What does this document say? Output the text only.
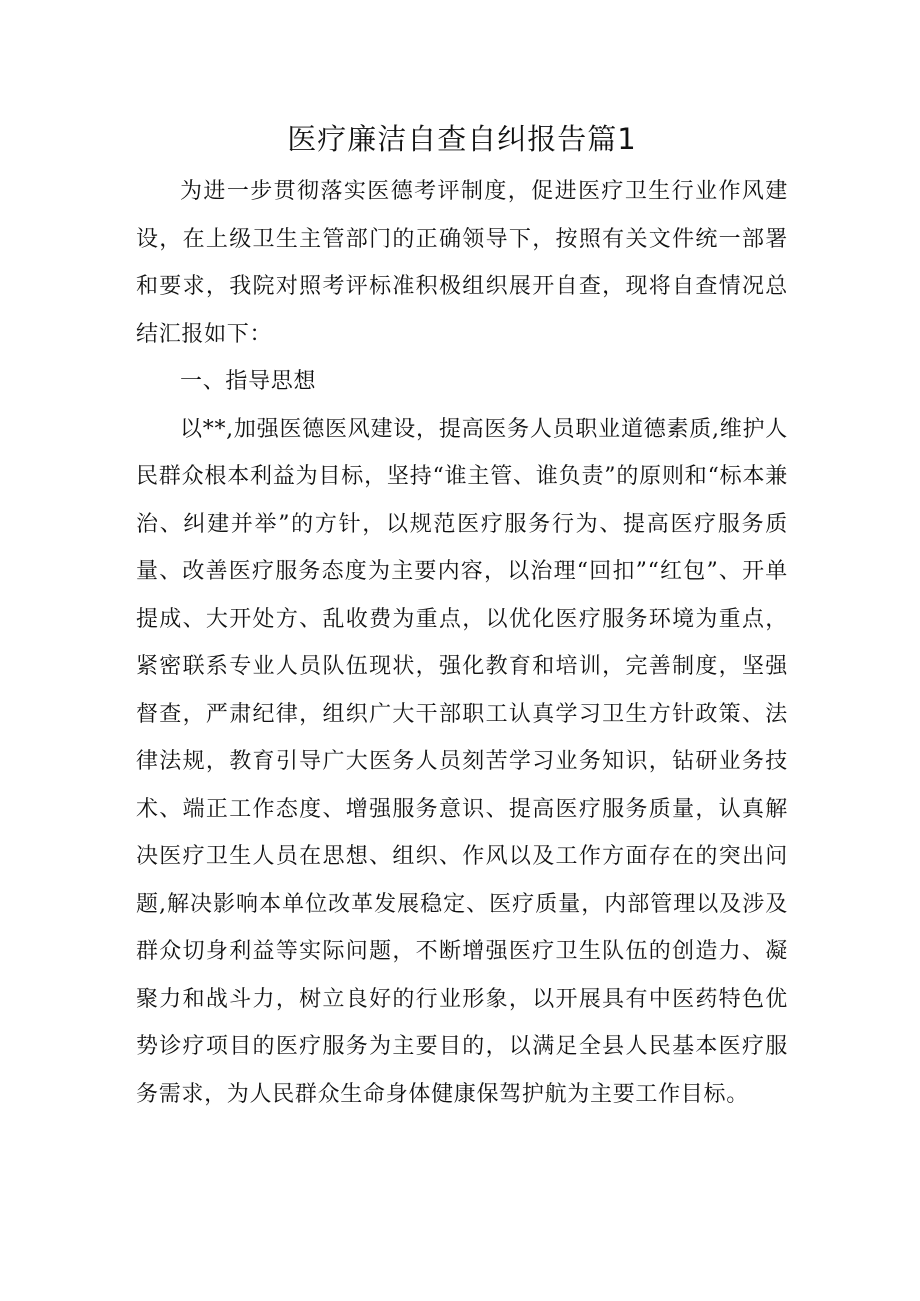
医疗廉洁自查自纠报告篇1

为进一步贯彻落实医德考评制度，促进医疗卫生行业作风建设，在上级卫生主管部门的正确领导下，按照有关文件统一部署和要求，我院对照考评标准积极组织展开自查，现将自查情况总结汇报如下：

一、指导思想

以**,加强医德医风建设，提高医务人员职业道德素质,维护人民群众根本利益为目标，坚持“谁主管、谁负责”的原则和“标本兼治、纠建并举”的方针，以规范医疗服务行为、提高医疗服务质量、改善医疗服务态度为主要内容，以治理“回扣”“红包”、开单提成、大开处方、乱收费为重点，以优化医疗服务环境为重点，紧密联系专业人员队伍现状，强化教育和培训，完善制度，坚强督查，严肃纪律，组织广大干部职工认真学习卫生方针政策、法律法规，教育引导广大医务人员刻苦学习业务知识，钻研业务技术、端正工作态度、增强服务意识、提高医疗服务质量，认真解决医疗卫生人员在思想、组织、作风以及工作方面存在的突出问题,解决影响本单位改革发展稳定、医疗质量，内部管理以及涉及群众切身利益等实际问题，不断增强医疗卫生队伍的创造力、凝聚力和战斗力，树立良好的行业形象，以开展具有中医药特色优势诊疗项目的医疗服务为主要目的，以满足全县人民基本医疗服务需求，为人民群众生命身体健康保驾护航为主要工作目标。
